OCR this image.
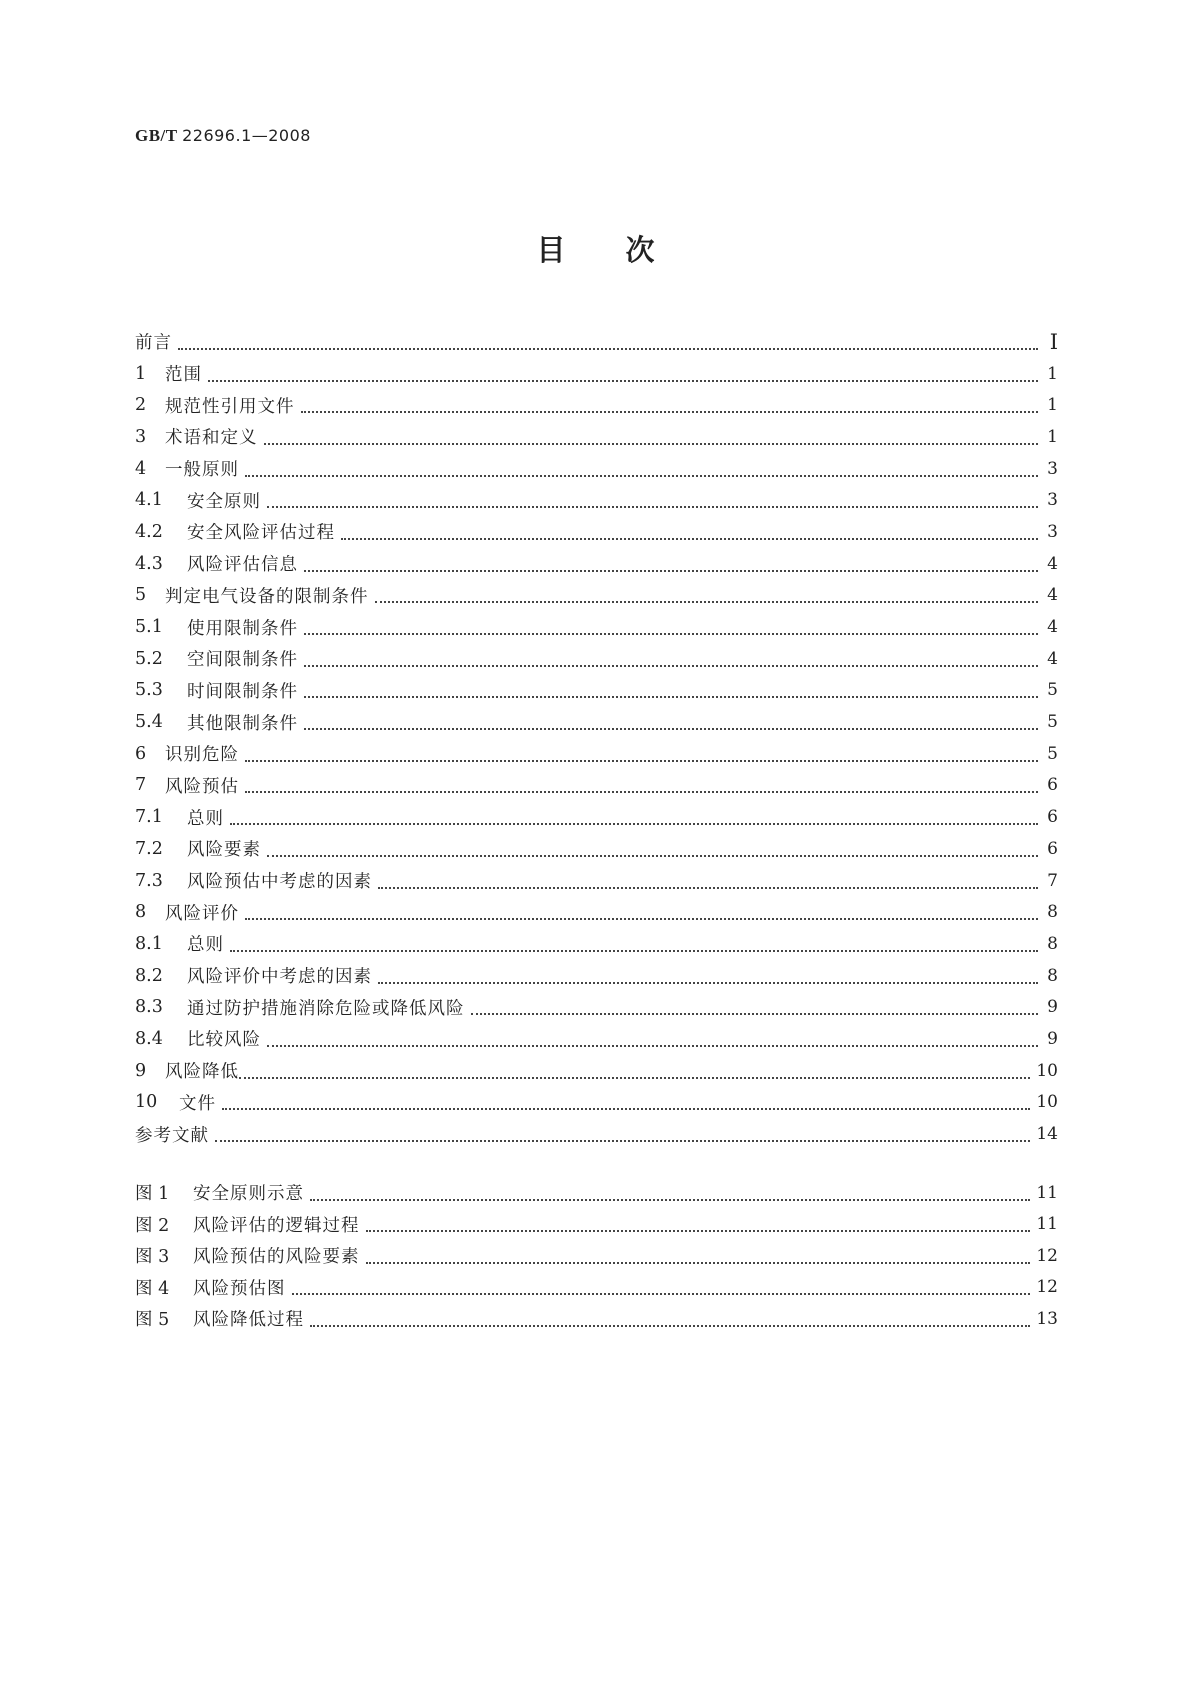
GB/T 22696.1—2008
目次
前言	Ⅰ
1	范围	1
2	规范性引用文件	1
3	术语和定义	1
4	一般原则	3
4.1	安全原则	3
4.2	安全风险评估过程	3
4.3	风险评估信息	4
5	判定电气设备的限制条件	4
5.1	使用限制条件	4
5.2	空间限制条件	4
5.3	时间限制条件	5
5.4	其他限制条件	5
6	识别危险	5
7	风险预估	6
7.1	总则	6
7.2	风险要素	6
7.3	风险预估中考虑的因素	7
8	风险评价	8
8.1	总则	8
8.2	风险评价中考虑的因素	8
8.3	通过防护措施消除危险或降低风险	9
8.4	比较风险	9
9	风险降低	10
10	文件	10
参考文献	14
图 1	安全原则示意	11
图 2	风险评估的逻辑过程	11
图 3	风险预估的风险要素	12
图 4	风险预估图	12
图 5	风险降低过程	13
